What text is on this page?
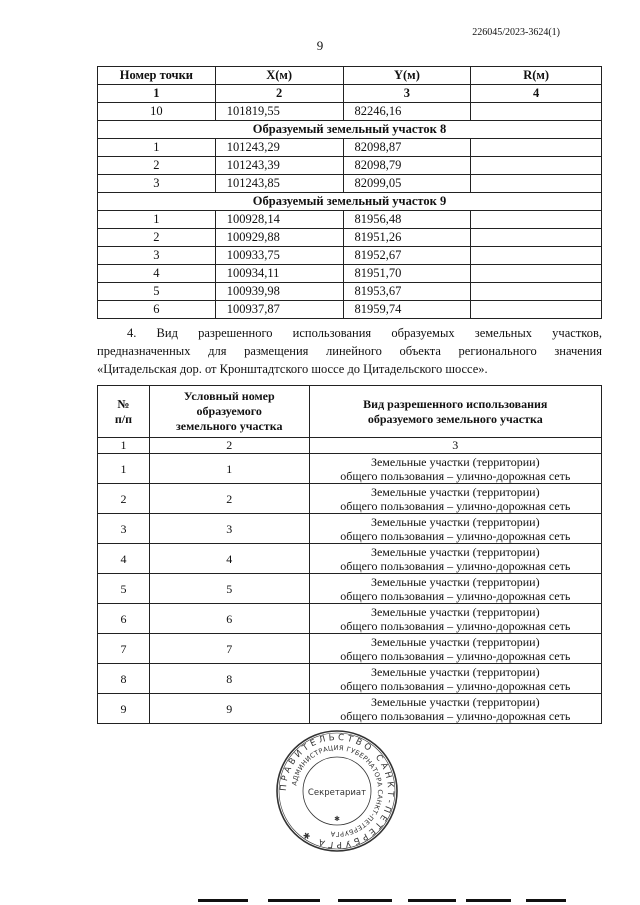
226045/2023-3624(1)
9
Номер точки	X(м)	Y(м)	R(м)
1	2	3	4
10	101819,55	82246,16	
Образуемый земельный участок 8			
1	101243,29	82098,87	
2	101243,39	82098,79	
3	101243,85	82099,05	
Образуемый земельный участок 9			
1	100928,14	81956,48	
2	100929,88	81951,26	
3	100933,75	81952,67	
4	100934,11	81951,70	
5	100939,98	81953,67	
6	100937,87	81959,74	

4. Вид разрешенного использования образуемых земельных участков,

предназначенных для размещения линейного объекта регионального значения

«Цитадельская дор. от Кронштадтского шоссе до Цитадельского шоссе».

№
п/п	Условный номер
образуемого
земельного участка	Вид разрешенного использования
образуемого земельного участка
1	2	3
1	1	Земельные участки (территории)
общего пользования – улично-дорожная сеть
2	2	Земельные участки (территории)
общего пользования – улично-дорожная сеть
3	3	Земельные участки (территории)
общего пользования – улично-дорожная сеть
4	4	Земельные участки (территории)
общего пользования – улично-дорожная сеть
5	5	Земельные участки (территории)
общего пользования – улично-дорожная сеть
6	6	Земельные участки (территории)
общего пользования – улично-дорожная сеть
7	7	Земельные участки (территории)
общего пользования – улично-дорожная сеть
8	8	Земельные участки (территории)
общего пользования – улично-дорожная сеть
9	9	Земельные участки (территории)
общего пользования – улично-дорожная сеть
ПРАВИТЕЛЬСТВО САНКТ-ПЕТЕРБУРГА ✱
АДМИНИСТРАЦИЯ ГУБЕРНАТОРА САНКТ-ПЕТЕРБУРГА
Секретариат
✱
